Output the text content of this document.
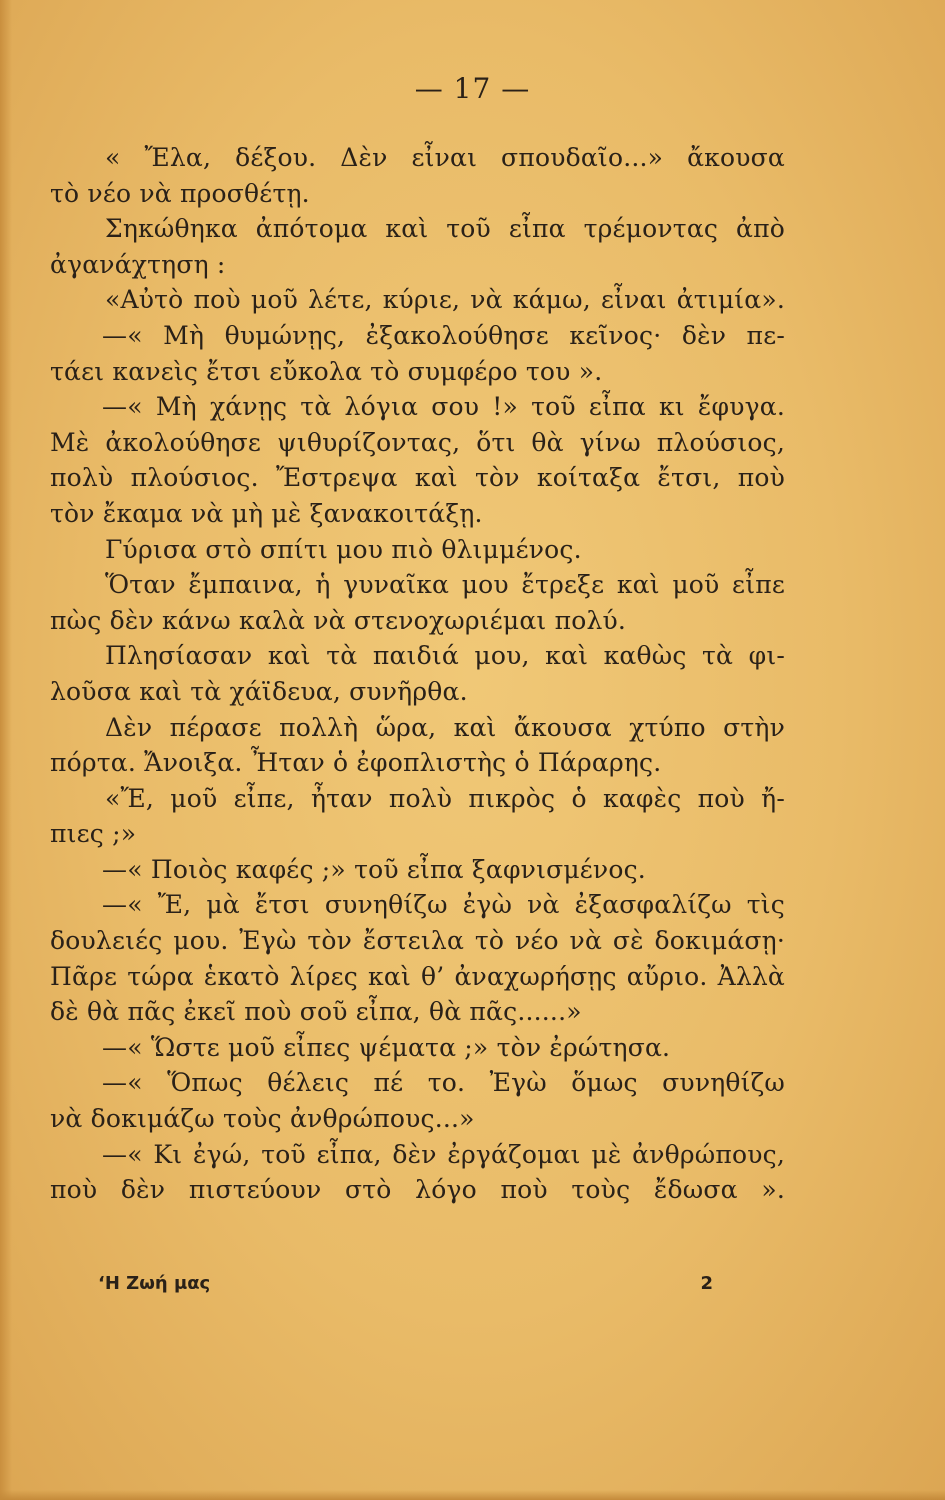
— 17 —
« Ἔλα, δέξου. Δὲν εἶναι σπουδαῖο...» ἄκουσα
τὸ νέο νὰ προσθέτῃ.
Σηκώθηκα ἀπότομα καὶ τοῦ εἶπα τρέμοντας ἀπὸ
ἀγανάχτηση :
«Αὐτὸ ποὺ μοῦ λέτε, κύριε, νὰ κάμω, εἶναι ἀτιμία».
—« Μὴ θυμώνῃς, ἐξακολούθησε κεῖνος· δὲν πε-
τάει κανεὶς ἔτσι εὔκολα τὸ συμφέρο του ».
—« Μὴ χάνῃς τὰ λόγια σου !» τοῦ εἶπα κι ἔφυγα.
Μὲ ἀκολούθησε ψιθυρίζοντας, ὅτι θὰ γίνω πλούσιος,
πολὺ πλούσιος. Ἔστρεψα καὶ τὸν κοίταξα ἔτσι, ποὺ
τὸν ἔκαμα νὰ μὴ μὲ ξανακοιτάξῃ.
Γύρισα στὸ σπίτι μου πιὸ θλιμμένος.
Ὅταν ἔμπαινα, ἡ γυναῖκα μου ἔτρεξε καὶ μοῦ εἶπε
πὼς δὲν κάνω καλὰ νὰ στενοχωριέμαι πολύ.
Πλησίασαν καὶ τὰ παιδιά μου, καὶ καθὼς τὰ φι-
λοῦσα καὶ τὰ χάϊδευα, συνῆρθα.
Δὲν πέρασε πολλὴ ὥρα, καὶ ἄκουσα χτύπο στὴν
πόρτα. Ἄνοιξα. Ἦταν ὁ ἐφοπλιστὴς ὁ Πάραρης.
«Ἔ, μοῦ εἶπε, ἦταν πολὺ πικρὸς ὁ καφὲς ποὺ ἤ-
πιες ;»
—« Ποιὸς καφές ;» τοῦ εἶπα ξαφνισμένος.
—« Ἔ, μὰ ἔτσι συνηθίζω ἐγὼ νὰ ἐξασφαλίζω τὶς
δουλειές μου. Ἐγὼ τὸν ἔστειλα τὸ νέο νὰ σὲ δοκιμάσῃ·
Πᾶρε τώρα ἑκατὸ λίρες καὶ θ’ ἀναχωρήσῃς αὔριο. Ἀλλὰ
δὲ θὰ πᾶς ἐκεῖ ποὺ σοῦ εἶπα, θὰ πᾶς......»
—« Ὥστε μοῦ εἶπες ψέματα ;» τὸν ἐρώτησα.
—« Ὅπως θέλεις πέ το. Ἐγὼ ὅμως συνηθίζω
νὰ δοκιμάζω τοὺς ἀνθρώπους...»
—« Κι ἐγώ, τοῦ εἶπα, δὲν ἐργάζομαι μὲ ἀνθρώπους,
ποὺ δὲν πιστεύουν στὸ λόγο ποὺ τοὺς ἔδωσα ».
‘Η Ζωή μας	2
